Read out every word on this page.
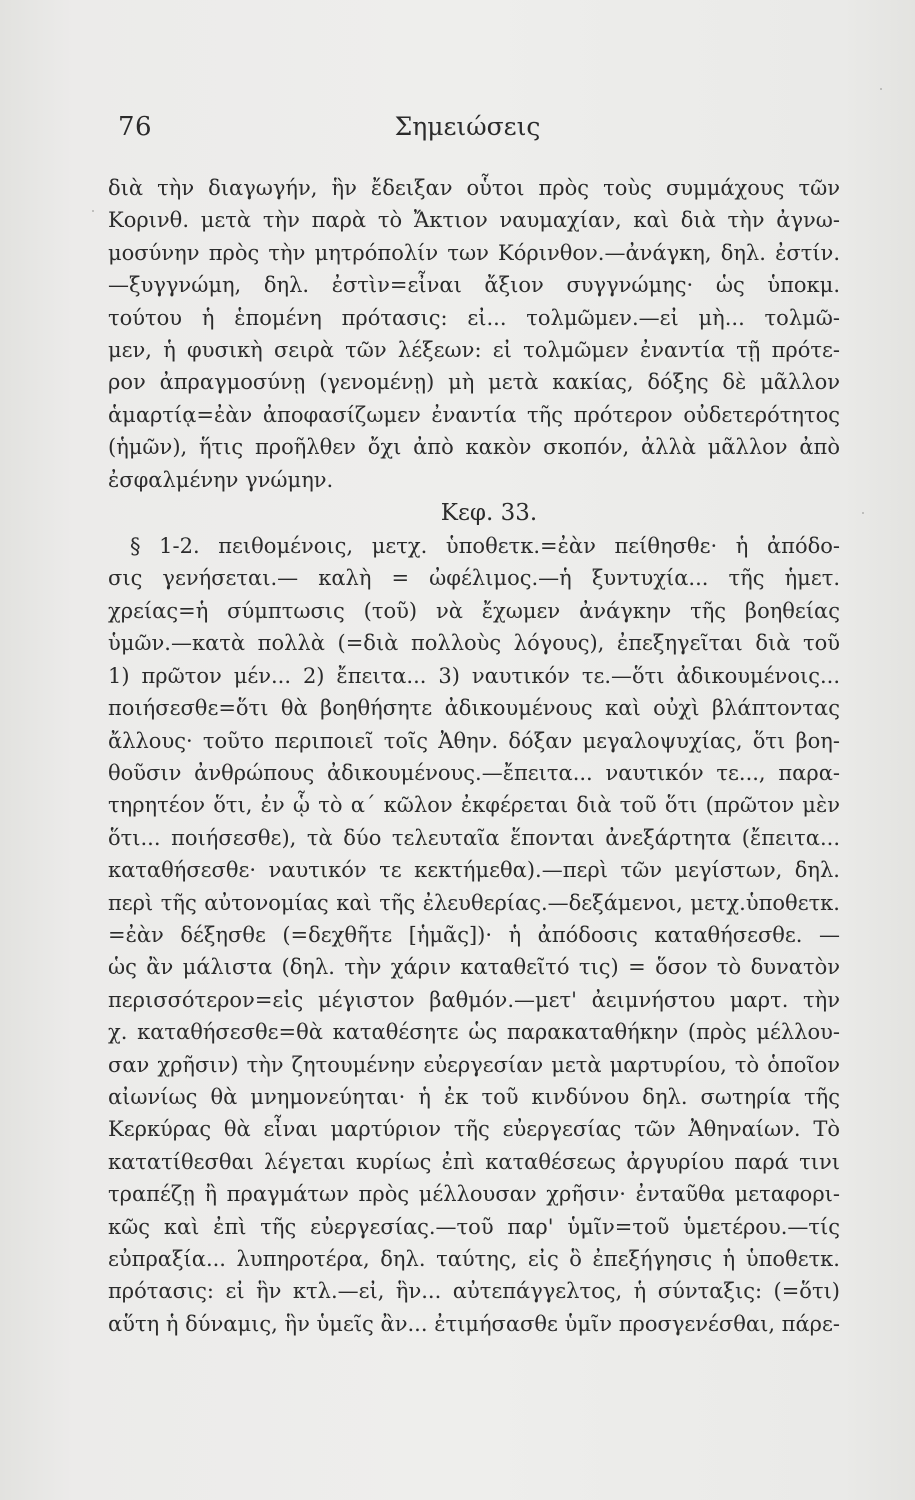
76	Σημειώσεις
διὰ τὴν διαγωγήν, ἣν ἔδειξαν οὗτοι πρὸς τοὺς συμμάχους τῶν
Κορινθ. μετὰ τὴν παρὰ τὸ Ἄκτιον ναυμαχίαν, καὶ διὰ τὴν ἀγνω-
μοσύνην πρὸς τὴν μητρόπολίν των Κόρινθον.—ἀνάγκη, δηλ. ἐστίν.
—ξυγγνώμη, δηλ. ἐστὶν=εἶναι ἄξιον συγγνώμης· ὡς ὑποκμ.
τούτου ἡ ἑπομένη πρότασις: εἰ... τολμῶμεν.—εἰ μὴ... τολμῶ-
μεν, ἡ φυσικὴ σειρὰ τῶν λέξεων: εἰ τολμῶμεν ἐναντία τῇ πρότε-
ρον ἀπραγμοσύνῃ (γενομένῃ) μὴ μετὰ κακίας, δόξης δὲ μᾶλλον
ἁμαρτίᾳ=ἐὰν ἀποφασίζωμεν ἐναντία τῆς πρότερον οὐδετερότητος
(ἡμῶν), ἥτις προῆλθεν ὄχι ἀπὸ κακὸν σκοπόν, ἀλλὰ μᾶλλον ἀπὸ
ἐσφαλμένην γνώμην.
Κεφ. 33.
§ 1-2. πειθομένοις, μετχ. ὑποθετκ.=ἐὰν πείθησθε· ἡ ἀπόδο-
σις γενήσεται.— καλὴ = ὠφέλιμος.—ἡ ξυντυχία... τῆς ἡμετ.
χρείας=ἡ σύμπτωσις (τοῦ) νὰ ἔχωμεν ἀνάγκην τῆς βοηθείας
ὑμῶν.—κατὰ πολλὰ (=διὰ πολλοὺς λόγους), ἐπεξηγεῖται διὰ τοῦ
1) πρῶτον μέν... 2) ἔπειτα... 3) ναυτικόν τε.—ὅτι ἀδικουμένοις...
ποιήσεσθε=ὅτι θὰ βοηθήσητε ἀδικουμένους καὶ οὐχὶ βλάπτοντας
ἄλλους· τοῦτο περιποιεῖ τοῖς Ἀθην. δόξαν μεγαλοψυχίας, ὅτι βοη-
θοῦσιν ἀνθρώπους ἀδικουμένους.—ἔπειτα... ναυτικόν τε..., παρα-
τηρητέον ὅτι, ἐν ᾧ τὸ α΄ κῶλον ἐκφέρεται διὰ τοῦ ὅτι (πρῶτον μὲν
ὅτι... ποιήσεσθε), τὰ δύο τελευταῖα ἕπονται ἀνεξάρτητα (ἔπειτα...
καταθήσεσθε· ναυτικόν τε κεκτήμεθα).—περὶ τῶν μεγίστων, δηλ.
περὶ τῆς αὐτονομίας καὶ τῆς ἐλευθερίας.—δεξάμενοι, μετχ.ὑποθετκ.
=ἐὰν δέξησθε (=δεχθῆτε [ἡμᾶς])· ἡ ἀπόδοσις καταθήσεσθε. —
ὡς ἂν μάλιστα (δηλ. τὴν χάριν καταθεῖτό τις) = ὅσον τὸ δυνατὸν
περισσότερον=εἰς μέγιστον βαθμόν.—μετ' ἀειμνήστου μαρτ. τὴν
χ. καταθήσεσθε=θὰ καταθέσητε ὡς παρακαταθήκην (πρὸς μέλλου-
σαν χρῆσιν) τὴν ζητουμένην εὐεργεσίαν μετὰ μαρτυρίου, τὸ ὁποῖον
αἰωνίως θὰ μνημονεύηται· ἡ ἐκ τοῦ κινδύνου δηλ. σωτηρία τῆς
Κερκύρας θὰ εἶναι μαρτύριον τῆς εὐεργεσίας τῶν Ἀθηναίων. Τὸ
κατατίθεσθαι λέγεται κυρίως ἐπὶ καταθέσεως ἀργυρίου παρά τινι
τραπέζῃ ἢ πραγμάτων πρὸς μέλλουσαν χρῆσιν· ἐνταῦθα μεταφορι-
κῶς καὶ ἐπὶ τῆς εὐεργεσίας.—τοῦ παρ' ὑμῖν=τοῦ ὑμετέρου.—τίς
εὐπραξία... λυπηροτέρα, δηλ. ταύτης, εἰς ὃ ἐπεξήγησις ἡ ὑποθετκ.
πρότασις: εἰ ἣν κτλ.—εἰ, ἣν... αὐτεπάγγελτος, ἡ σύνταξις: (=ὅτι)
αὕτη ἡ δύναμις, ἣν ὑμεῖς ἂν... ἐτιμήσασθε ὑμῖν προσγενέσθαι, πάρε-
